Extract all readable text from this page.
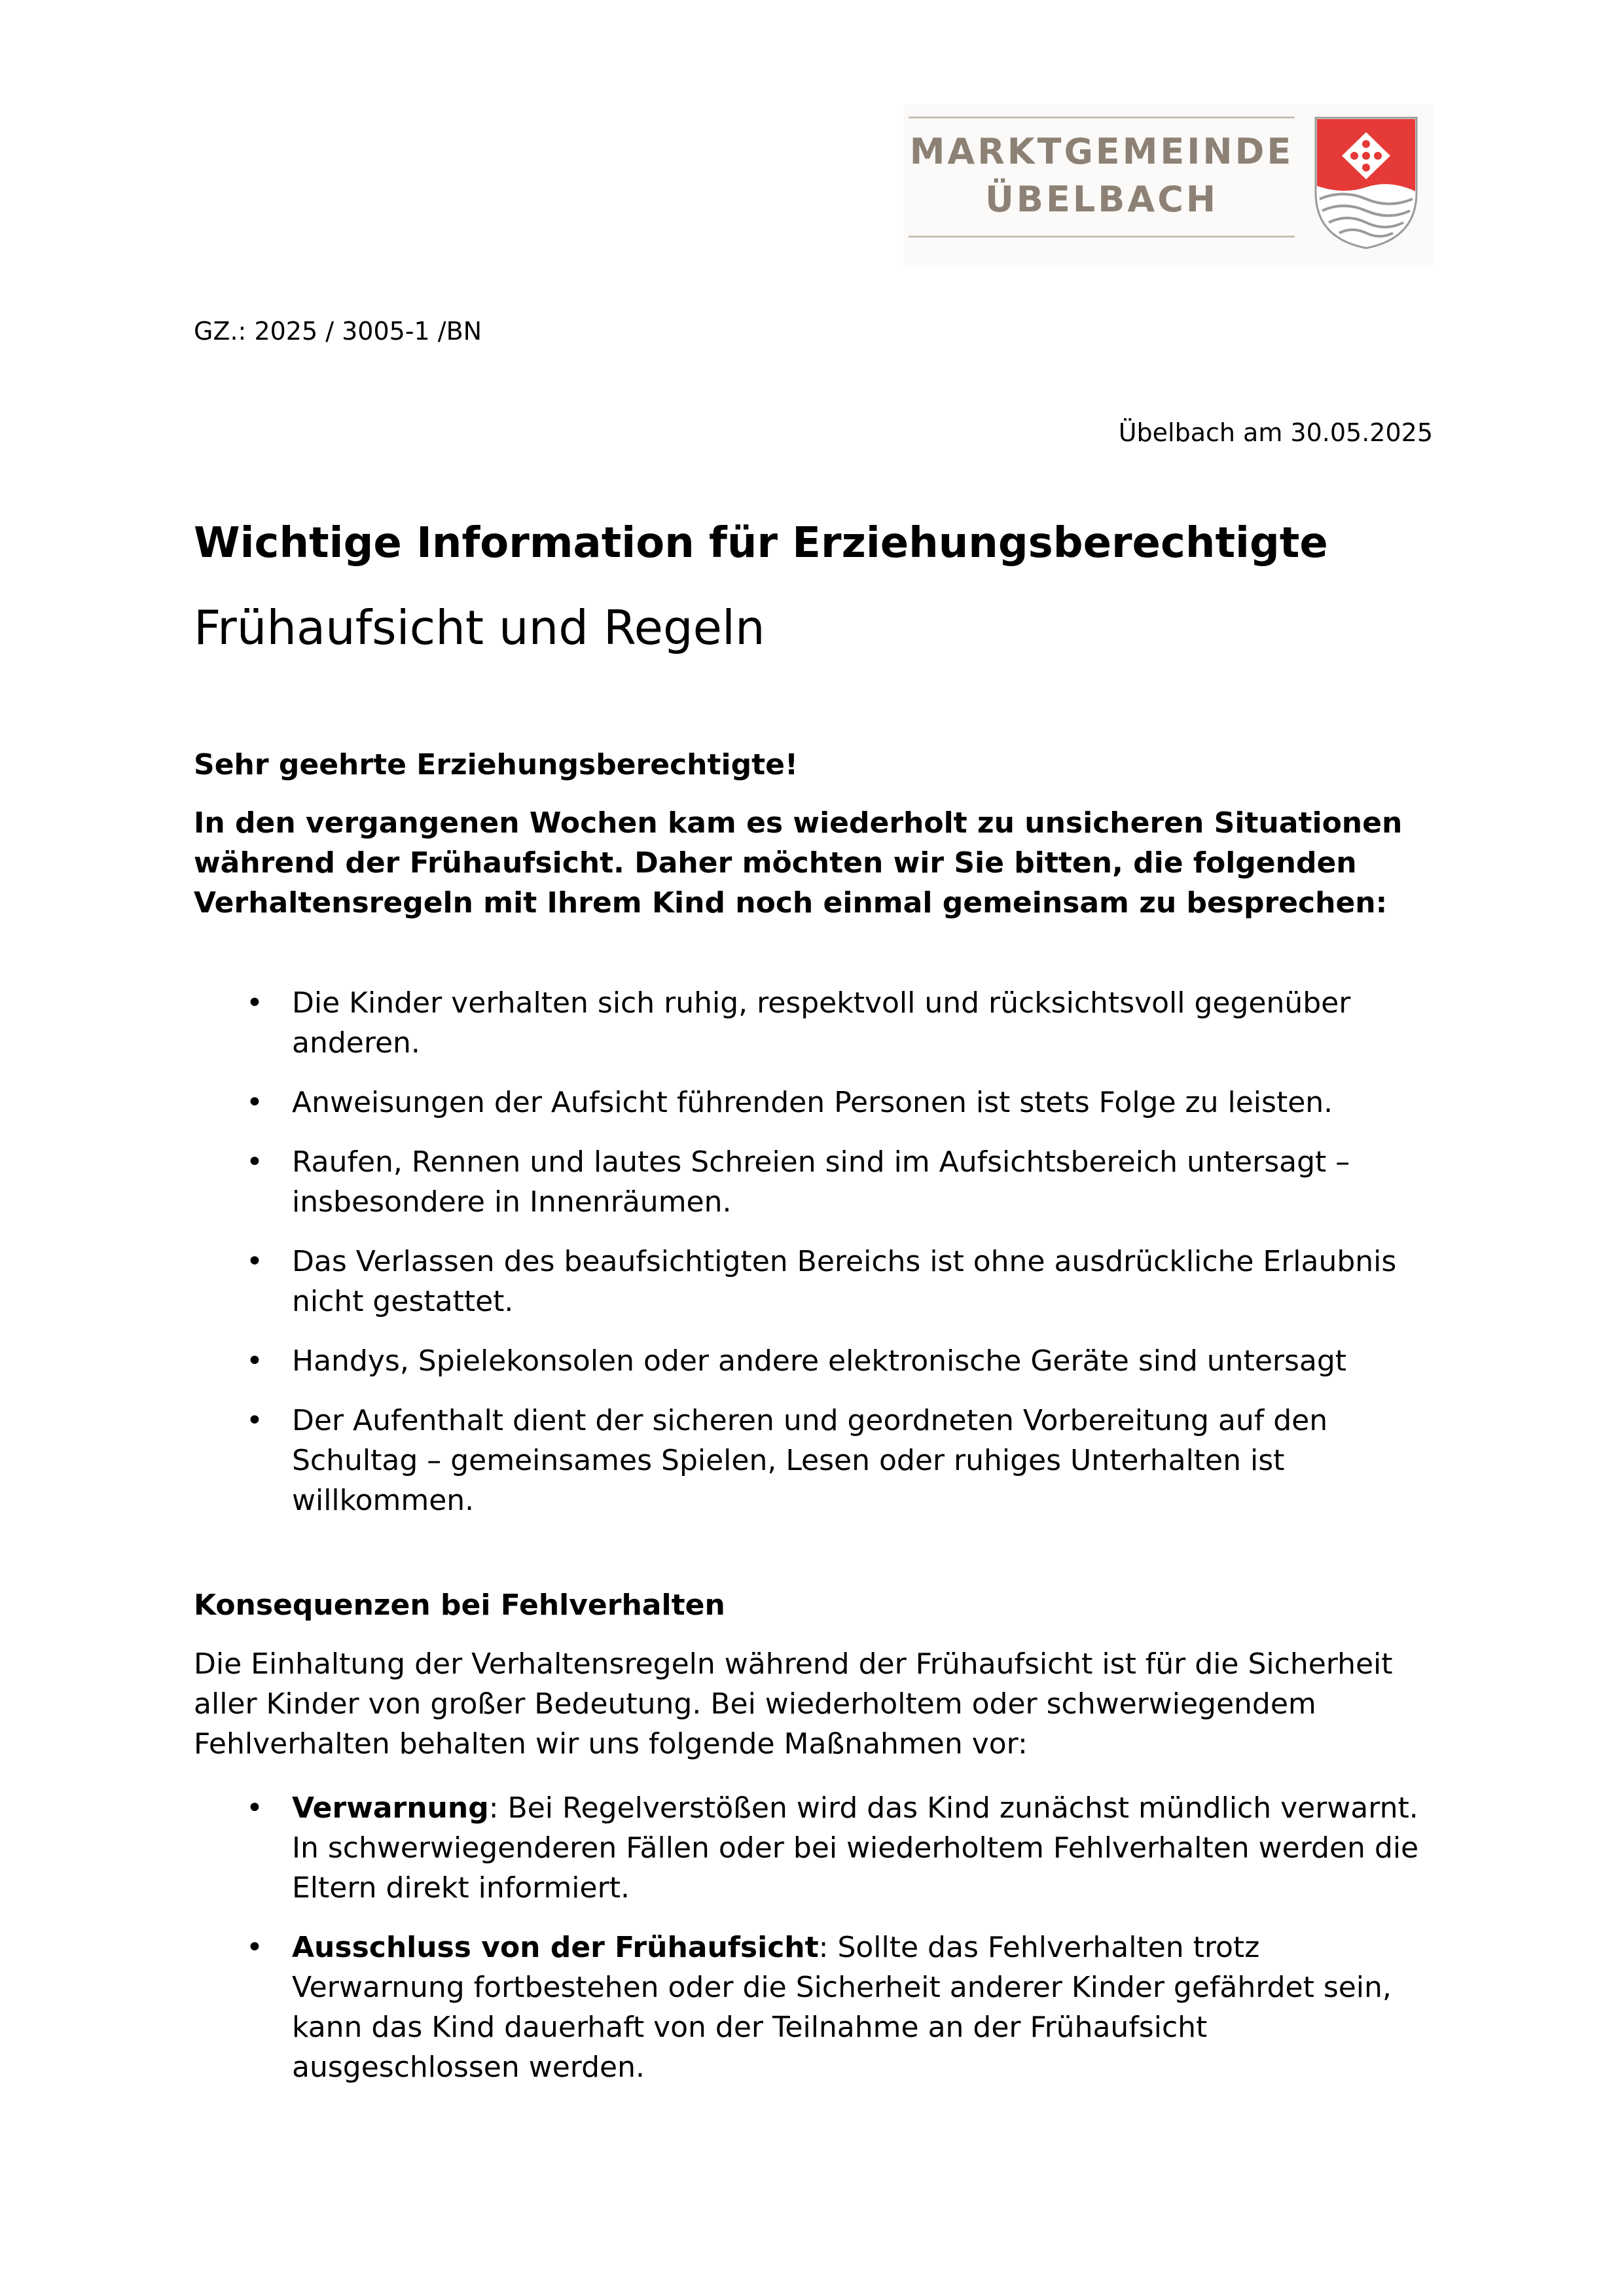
MARKTGEMEINDE
ÜBELBACH
GZ.: 2025 / 3005-1 /BN
Übelbach am 30.05.2025
Wichtige Information für Erziehungsberechtigte
Frühaufsicht und Regeln

Sehr geehrte Erziehungsberechtigte!

In den vergangenen Wochen kam es wiederholt zu unsicheren Situationen während der Frühaufsicht. Daher möchten wir Sie bitten, die folgenden Verhaltensregeln mit Ihrem Kind noch einmal gemeinsam zu besprechen:

• Die Kinder verhalten sich ruhig, respektvoll und rücksichtsvoll gegenüber anderen.
• Anweisungen der Aufsicht führenden Personen ist stets Folge zu leisten.
• Raufen, Rennen und lautes Schreien sind im Aufsichtsbereich untersagt – insbesondere in Innenräumen.
• Das Verlassen des beaufsichtigten Bereichs ist ohne ausdrückliche Erlaubnis nicht gestattet.
• Handys, Spielekonsolen oder andere elektronische Geräte sind untersagt
• Der Aufenthalt dient der sicheren und geordneten Vorbereitung auf den Schultag – gemeinsames Spielen, Lesen oder ruhiges Unterhalten ist willkommen.

Konsequenzen bei Fehlverhalten

Die Einhaltung der Verhaltensregeln während der Frühaufsicht ist für die Sicherheit aller Kinder von großer Bedeutung. Bei wiederholtem oder schwerwiegendem Fehlverhalten behalten wir uns folgende Maßnahmen vor:

• Verwarnung: Bei Regelverstößen wird das Kind zunächst mündlich verwarnt. In schwerwiegenderen Fällen oder bei wiederholtem Fehlverhalten werden die Eltern direkt informiert.
• Ausschluss von der Frühaufsicht: Sollte das Fehlverhalten trotz Verwarnung fortbestehen oder die Sicherheit anderer Kinder gefährdet sein, kann das Kind dauerhaft von der Teilnahme an der Frühaufsicht ausgeschlossen werden.
